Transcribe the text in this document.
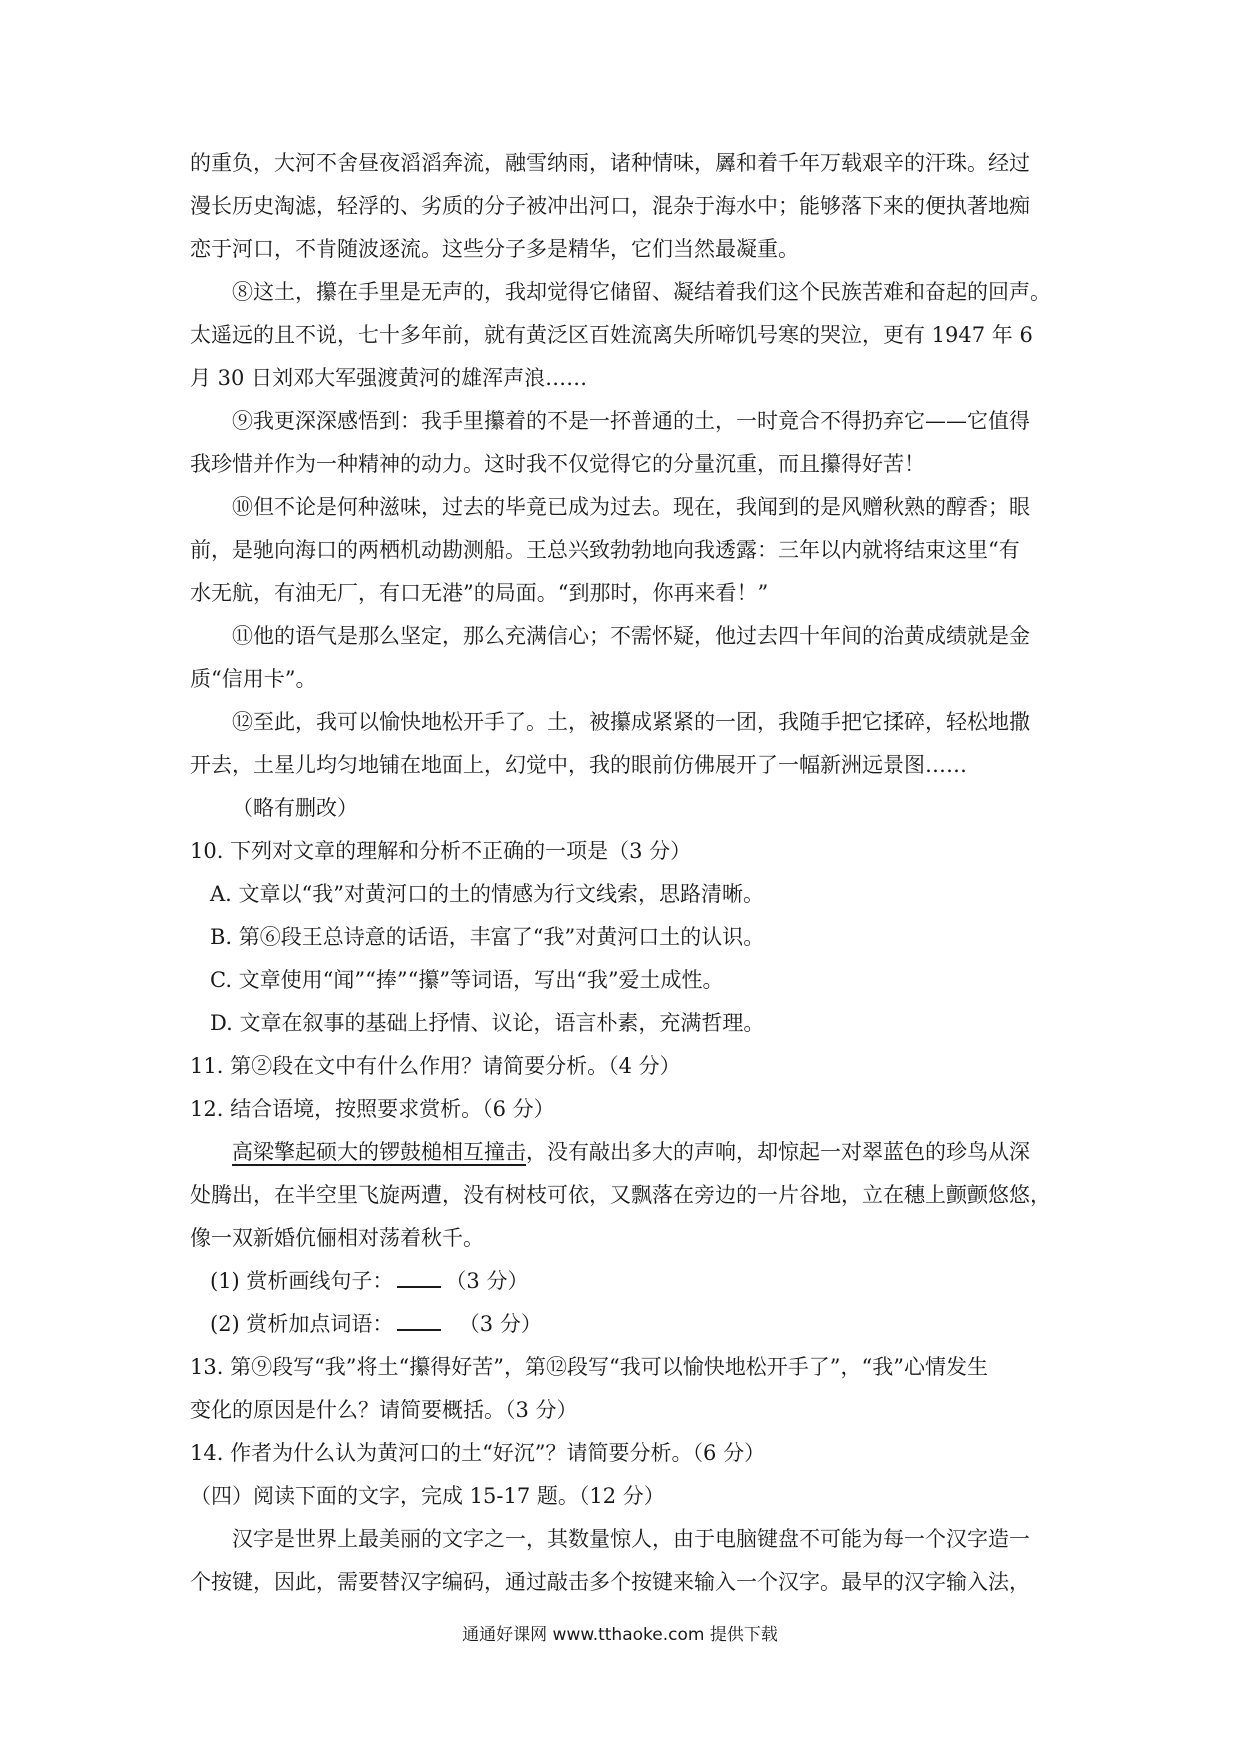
的重负，大河不舍昼夜滔滔奔流，融雪纳雨，诸种情味，羼和着千年万载艰辛的汗珠。经过
漫长历史淘滤，轻浮的、劣质的分子被冲出河口，混杂于海水中；能够落下来的便执著地痴
恋于河口，不肯随波逐流。这些分子多是精华，它们当然最凝重。
⑧这土，攥在手里是无声的，我却觉得它储留、凝结着我们这个民族苦难和奋起的回声。
太遥远的且不说，七十多年前，就有黄泛区百姓流离失所啼饥号寒的哭泣，更有 1947 年 6
月 30 日刘邓大军强渡黄河的雄浑声浪……
⑨我更深深感悟到：我手里攥着的不是一抔普通的土，一时竟合不得扔弃它——它值得
我珍惜并作为一种精神的动力。这时我不仅觉得它的分量沉重，而且攥得好苦！
⑩但不论是何种滋味，过去的毕竟已成为过去。现在，我闻到的是风赠秋熟的醇香；眼
前，是驰向海口的两栖机动勘测船。王总兴致勃勃地向我透露：三年以内就将结束这里“有
水无航，有油无厂，有口无港”的局面。“到那时，你再来看！”
⑪他的语气是那么坚定，那么充满信心；不需怀疑，他过去四十年间的治黄成绩就是金
质“信用卡”。
⑫至此，我可以愉快地松开手了。土，被攥成紧紧的一团，我随手把它揉碎，轻松地撒
开去，土星儿均匀地铺在地面上，幻觉中，我的眼前仿佛展开了一幅新洲远景图……
（略有删改）
10. 下列对文章的理解和分析不正确的一项是（3 分）
A. 文章以“我”对黄河口的土的情感为行文线索，思路清晰。
B. 第⑥段王总诗意的话语，丰富了“我”对黄河口土的认识。
C. 文章使用“闻”“捧”“攥”等词语，写出“我”爱土成性。
D. 文章在叙事的基础上抒情、议论，语言朴素，充满哲理。
11. 第②段在文中有什么作用？请简要分析。（4 分）
12. 结合语境，按照要求赏析。（6 分）
高梁擎起硕大的锣鼓槌相互撞击，没有敲出多大的声响，却惊起一对翠蓝色的珍鸟从深
处腾出，在半空里飞旋两遭，没有树枝可依，又飘落在旁边的一片谷地，立在穗上颤颤悠悠，
像一双新婚伉俪相对荡着秋千。
(1) 赏析画线句子： （3 分）
(2) 赏析加点词语：	（3 分）
13. 第⑨段写“我”将土“攥得好苦”，第⑫段写“我可以愉快地松开手了”，“我”心情发生
变化的原因是什么？请简要概括。（3 分）
14. 作者为什么认为黄河口的土“好沉”？请简要分析。（6 分）
（四）阅读下面的文字，完成 15-17 题。（12 分）
汉字是世界上最美丽的文字之一，其数量惊人，由于电脑键盘不可能为每一个汉字造一
个按键，因此，需要替汉字编码，通过敲击多个按键来输入一个汉字。最早的汉字输入法，
通通好课网 www.tthaoke.com 提供下载
